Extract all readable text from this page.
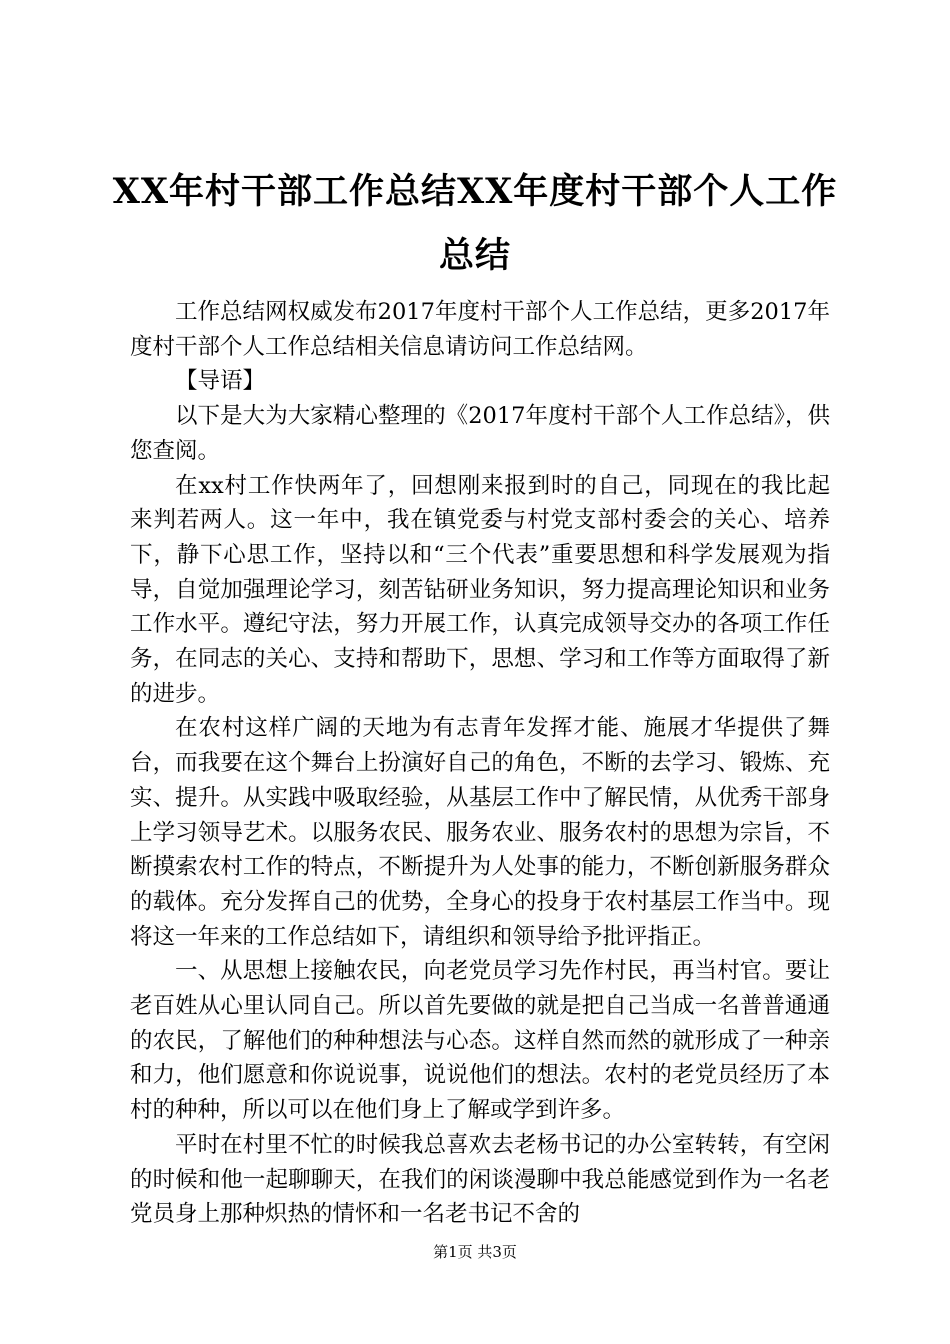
XX年村干部工作总结XX年度村干部个人工作总结

工作总结网权威发布2017年度村干部个人工作总结，更多2017年度村干部个人工作总结相关信息请访问工作总结网。

【导语】

以下是大为大家精心整理的《2017年度村干部个人工作总结》，供您查阅。

在xx村工作快两年了，回想刚来报到时的自己，同现在的我比起来判若两人。这一年中，我在镇党委与村党支部村委会的关心、培养下，静下心思工作，坚持以和“三个代表”重要思想和科学发展观为指导，自觉加强理论学习，刻苦钻研业务知识，努力提高理论知识和业务工作水平。遵纪守法，努力开展工作，认真完成领导交办的各项工作任务，在同志的关心、支持和帮助下，思想、学习和工作等方面取得了新的进步。

在农村这样广阔的天地为有志青年发挥才能、施展才华提供了舞台，而我要在这个舞台上扮演好自己的角色，不断的去学习、锻炼、充实、提升。从实践中吸取经验，从基层工作中了解民情，从优秀干部身上学习领导艺术。以服务农民、服务农业、服务农村的思想为宗旨，不断摸索农村工作的特点，不断提升为人处事的能力，不断创新服务群众的载体。充分发挥自己的优势，全身心的投身于农村基层工作当中。现将这一年来的工作总结如下，请组织和领导给予批评指正。

一、从思想上接触农民，向老党员学习先作村民，再当村官。要让老百姓从心里认同自己。所以首先要做的就是把自己当成一名普普通通的农民，了解他们的种种想法与心态。这样自然而然的就形成了一种亲和力，他们愿意和你说说事，说说他们的想法。农村的老党员经历了本村的种种，所以可以在他们身上了解或学到许多。

平时在村里不忙的时候我总喜欢去老杨书记的办公室转转，有空闲的时候和他一起聊聊天，在我们的闲谈漫聊中我总能感觉到作为一名老党员身上那种炽热的情怀和一名老书记不舍的

第1页 共3页
